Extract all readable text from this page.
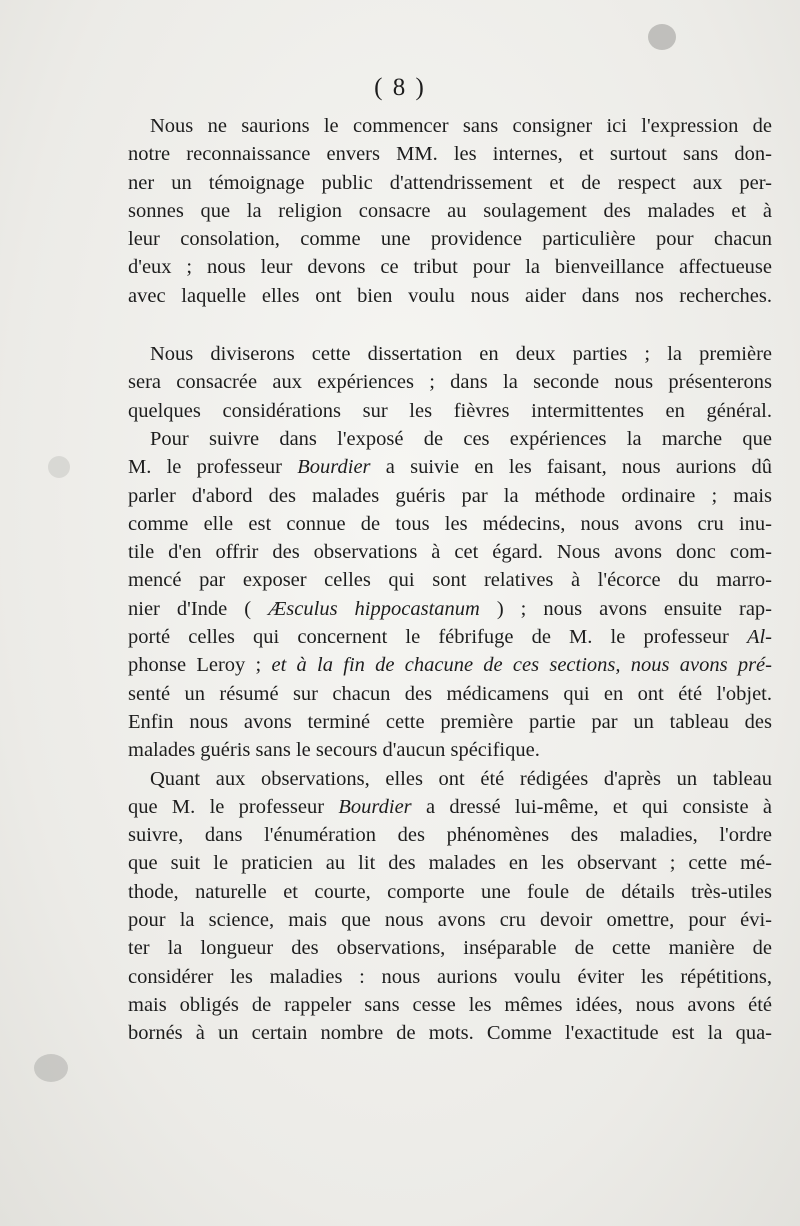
( 8 )
Nous ne saurions le commencer sans consigner ici l'expression de
notre reconnaissance envers MM. les internes, et surtout sans don-
ner un témoignage public d'attendrissement et de respect aux per-
sonnes que la religion consacre au soulagement des malades et à
leur consolation, comme une providence particulière pour chacun
d'eux ; nous leur devons ce tribut pour la bienveillance affectueuse
avec laquelle elles ont bien voulu nous aider dans nos recherches.
Nous diviserons cette dissertation en deux parties ; la première
sera consacrée aux expériences ; dans la seconde nous présenterons
quelques considérations sur les fièvres intermittentes en général.
Pour suivre dans l'exposé de ces expériences la marche que
M. le professeur Bourdier a suivie en les faisant, nous aurions dû
parler d'abord des malades guéris par la méthode ordinaire ; mais
comme elle est connue de tous les médecins, nous avons cru inu-
tile d'en offrir des observations à cet égard. Nous avons donc com-
mencé par exposer celles qui sont relatives à l'écorce du marro-
nier d'Inde ( Æsculus hippocastanum ) ; nous avons ensuite rap-
porté celles qui concernent le fébrifuge de M. le professeur Al-
phonse Leroy ; et à la fin de chacune de ces sections, nous avons pré-
senté un résumé sur chacun des médicamens qui en ont été l'objet.
Enfin nous avons terminé cette première partie par un tableau des
malades guéris sans le secours d'aucun spécifique.
Quant aux observations, elles ont été rédigées d'après un tableau
que M. le professeur Bourdier a dressé lui-même, et qui consiste à
suivre, dans l'énumération des phénomènes des maladies, l'ordre
que suit le praticien au lit des malades en les observant ; cette mé-
thode, naturelle et courte, comporte une foule de détails très-utiles
pour la science, mais que nous avons cru devoir omettre, pour évi-
ter la longueur des observations, inséparable de cette manière de
considérer les maladies : nous aurions voulu éviter les répétitions,
mais obligés de rappeler sans cesse les mêmes idées, nous avons été
bornés à un certain nombre de mots. Comme l'exactitude est la qua-
